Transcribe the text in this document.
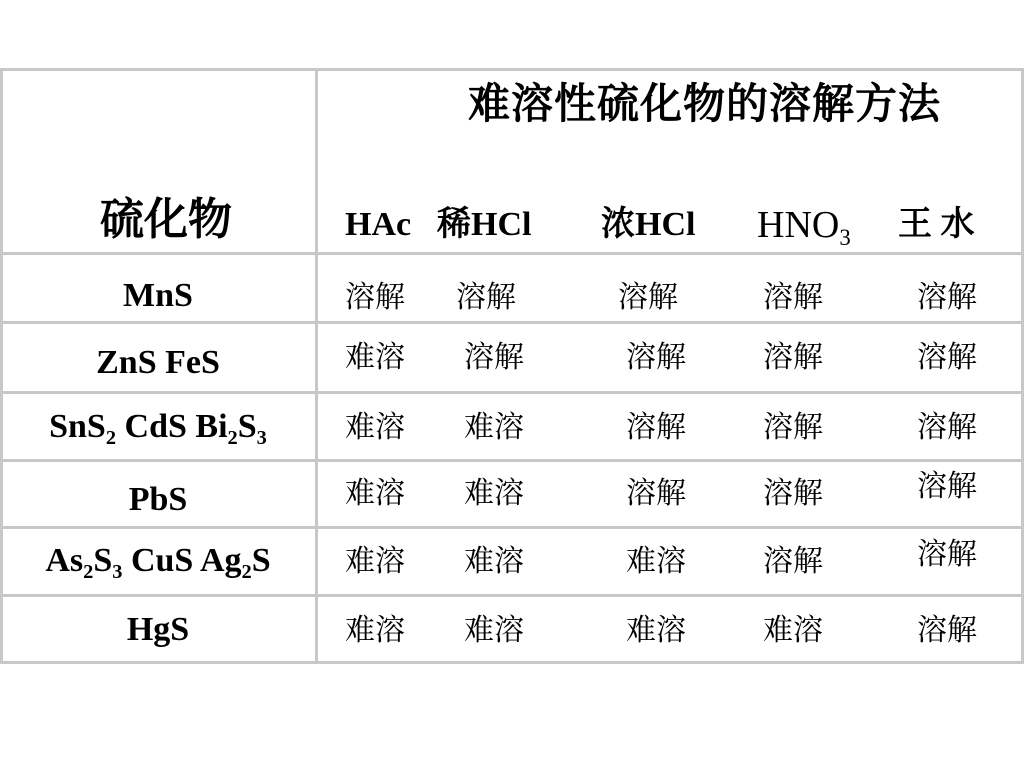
难溶性硫化物的溶解方法
硫化物	HAc 稀HCl 浓HCl $HNO_3$ 王 水
MnS	溶解 溶解	溶解	溶解	溶解
ZnS FeS	难溶 溶解	溶解	溶解	溶解
SnS$_2$ CdS $Bi_2S_3$	难溶 难溶	溶解	溶解	溶解
PbS	难溶 难溶	溶解	溶解	溶解
$As_2S_3$ CuS $Ag_2S$	难溶 难溶	难溶	溶解	溶解
HgS	难溶 难溶	难溶	难溶	溶解
